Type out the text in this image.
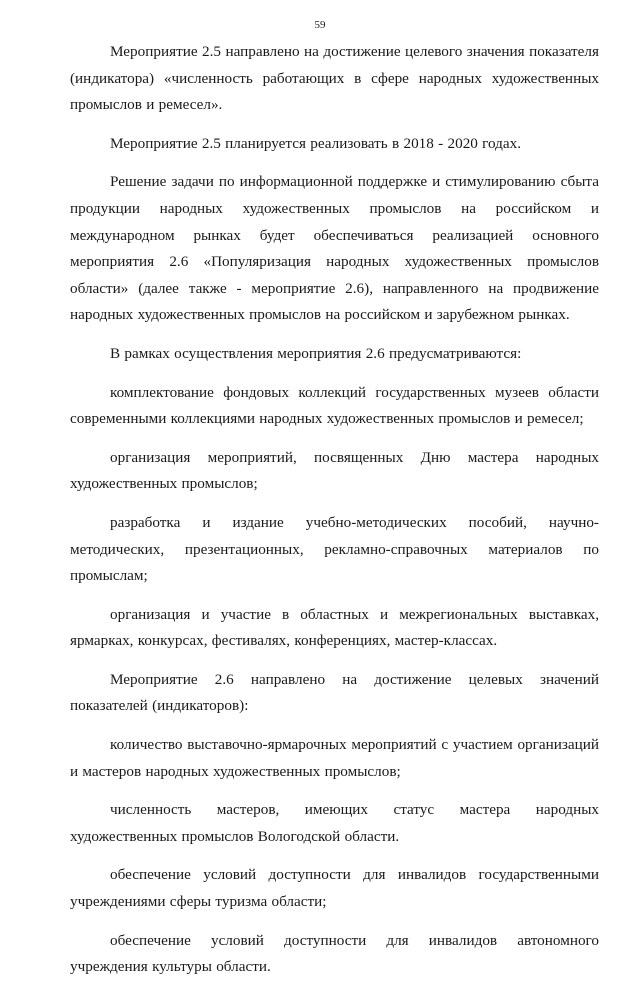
59

Мероприятие 2.5 направлено на достижение целевого значения показателя (индикатора) «численность работающих в сфере народных художественных промыслов и ремесел».

Мероприятие 2.5 планируется реализовать в 2018 - 2020 годах.

Решение задачи по информационной поддержке и стимулированию сбыта продукции народных художественных промыслов на российском и международном рынках будет обеспечиваться реализацией основного мероприятия 2.6 «Популяризация народных художественных промыслов области» (далее также - мероприятие 2.6), направленного на продвижение народных художественных промыслов на российском и зарубежном рынках.

В рамках осуществления мероприятия 2.6 предусматриваются:

комплектование фондовых коллекций государственных музеев области современными коллекциями народных художественных промыслов и ремесел;

организация мероприятий, посвященных Дню мастера народных художественных промыслов;

разработка и издание учебно-методических пособий, научно-методических, презентационных, рекламно-справочных материалов по промыслам;

организация и участие в областных и межрегиональных выставках, ярмарках, конкурсах, фестивалях, конференциях, мастер-классах.

Мероприятие 2.6 направлено на достижение целевых значений показателей (индикаторов):

количество выставочно-ярмарочных мероприятий с участием организаций и мастеров народных художественных промыслов;

численность мастеров, имеющих статус мастера народных художественных промыслов Вологодской области.

обеспечение условий доступности для инвалидов государственными учреждениями сферы туризма области;

обеспечение условий доступности для инвалидов автономного учреждения культуры области.
